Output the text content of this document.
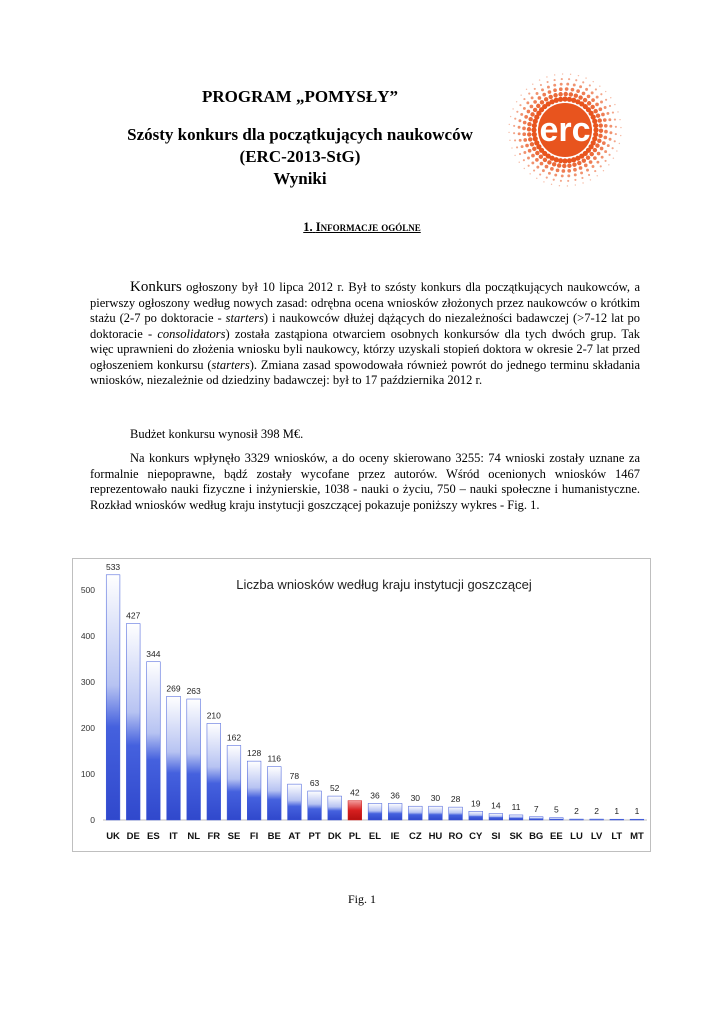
PROGRAM „POMYSŁY”
Szósty konkurs dla początkujących naukowców
(ERC-2013-StG)
Wyniki
erc
1. Informacje ogólne
Konkurs ogłoszony był 10 lipca 2012 r. Był to szósty konkurs dla początkujących naukowców, a pierwszy ogłoszony według nowych zasad: odrębna ocena wniosków złożonych przez naukowców o krótkim stażu (2-7 po doktoracie - starters) i naukowców dłużej dążących do niezależności badawczej (>7-12 lat po doktoracie - consolidators) została zastąpiona otwarciem osobnych konkursów dla tych dwóch grup. Tak więc uprawnieni do złożenia wniosku byli naukowcy, którzy uzyskali stopień doktora w okresie 2-7 lat przed ogłoszeniem konkursu (starters). Zmiana zasad spowodowała również powrót do jednego terminu składania wniosków, niezależnie od dziedziny badawczej: był to 17 października 2012 r.
Budżet konkursu wynosił 398 M€.
Na konkurs wpłynęło 3329 wniosków, a do oceny skierowano 3255: 74 wnioski zostały uznane za formalnie niepoprawne, bądź zostały wycofane przez autorów. Wśród ocenionych wniosków 1467 reprezentowało nauki fizyczne i inżynierskie, 1038 - nauki o życiu, 750 – nauki społeczne i humanistyczne. Rozkład wniosków według kraju instytucji goszczącej pokazuje poniższy wykres - Fig. 1.
Liczba wniosków według kraju instytucji goszczącej
0
100
200
300
400
500
533
UK
427
DE
344
ES
269
IT
263
NL
210
FR
162
SE
128
FI
116
BE
78
AT
63
PT
52
DK
42
PL
36
EL
36
IE
30
CZ
30
HU
28
RO
19
CY
14
SI
11
SK
7
BG
5
EE
2
LU
2
LV
1
LT
1
MT
Fig. 1
